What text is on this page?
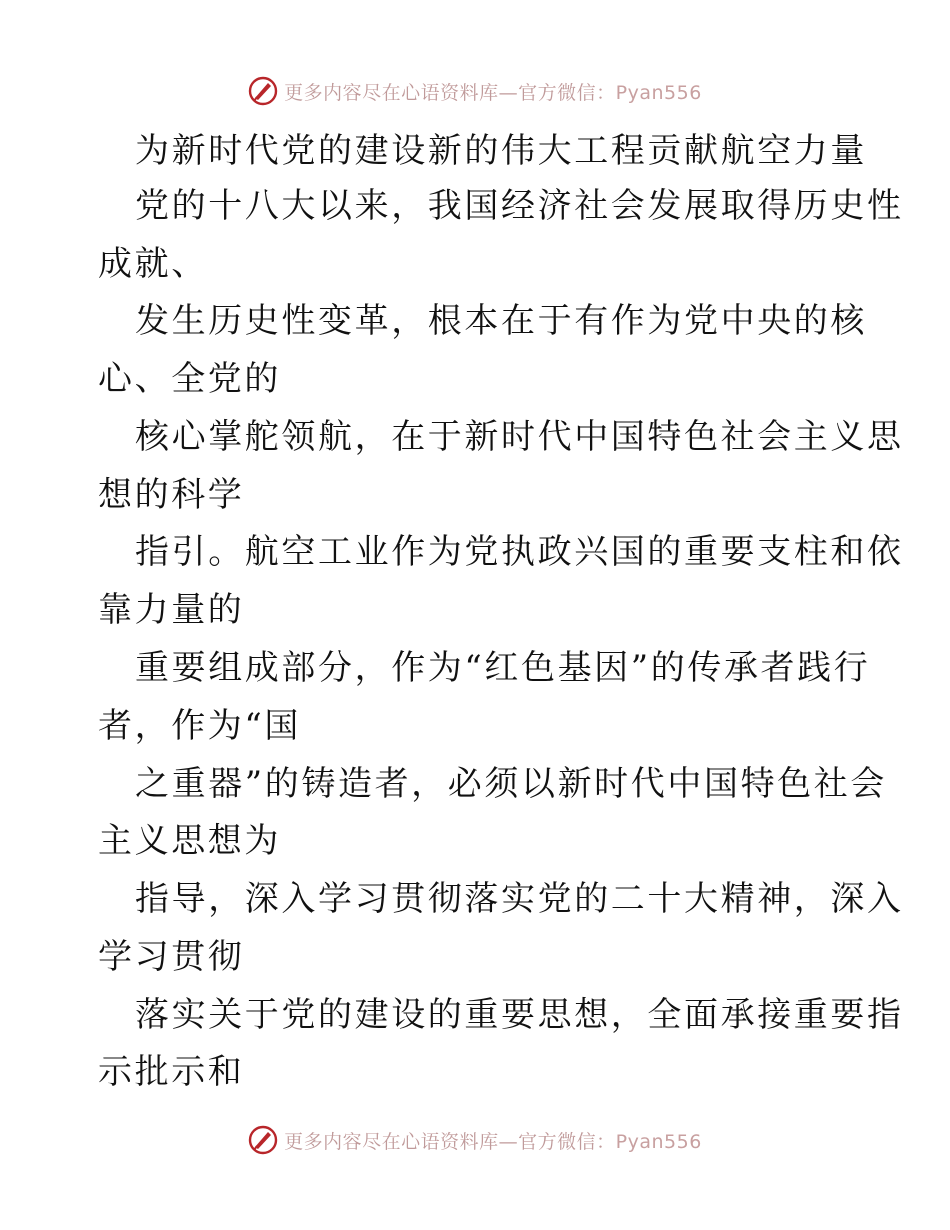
更多内容尽在心语资料库—官方微信：Pyan556
为新时代党的建设新的伟大工程贡献航空力量
党的十八大以来，我国经济社会发展取得历史性
成就、
发生历史性变革，根本在于有作为党中央的核
心、全党的
核心掌舵领航，在于新时代中国特色社会主义思
想的科学
指引。航空工业作为党执政兴国的重要支柱和依
靠力量的
重要组成部分，作为“红色基因”的传承者践行
者，作为“国
之重器”的铸造者，必须以新时代中国特色社会
主义思想为
指导，深入学习贯彻落实党的二十大精神，深入
学习贯彻
落实关于党的建设的重要思想，全面承接重要指
示批示和
更多内容尽在心语资料库—官方微信：Pyan556
